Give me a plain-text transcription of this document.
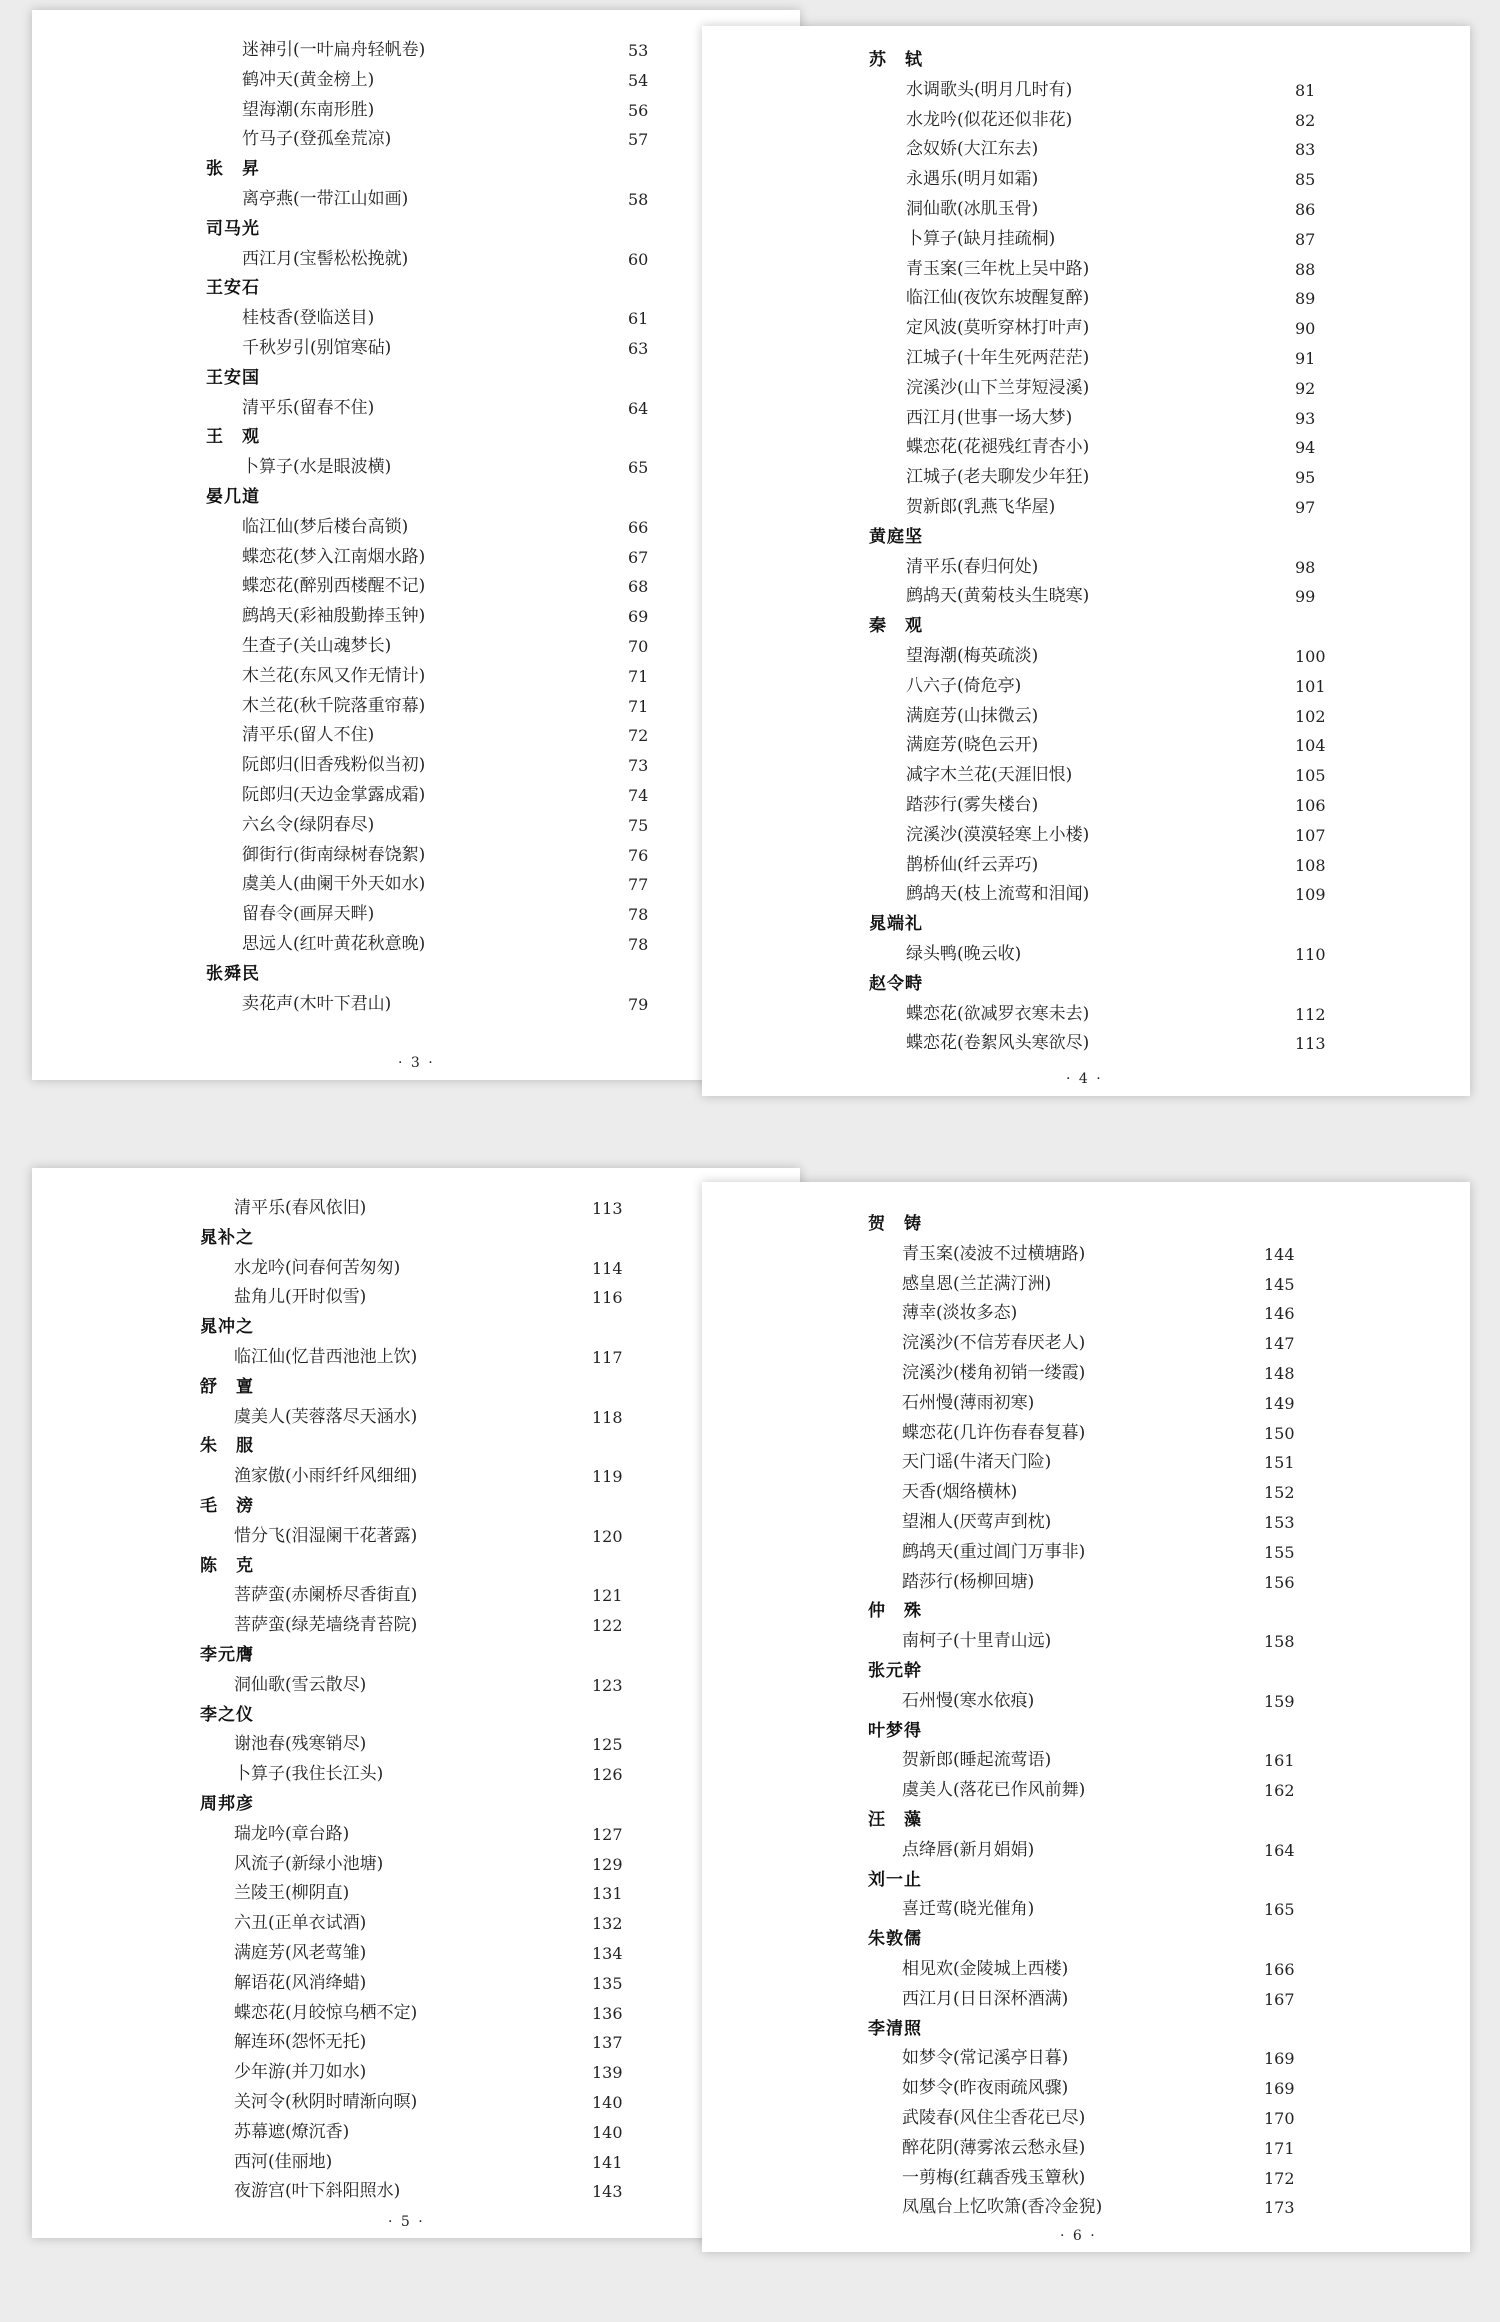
迷神引(一叶扁舟轻帆卷)	53
鹤冲天(黄金榜上)	54
望海潮(东南形胜)	56
竹马子(登孤垒荒凉)	57
张　昇
离亭燕(一带江山如画)	58
司马光
西江月(宝髻松松挽就)	60
王安石
桂枝香(登临送目)	61
千秋岁引(别馆寒砧)	63
王安国
清平乐(留春不住)	64
王　观
卜算子(水是眼波横)	65
晏几道
临江仙(梦后楼台高锁)	66
蝶恋花(梦入江南烟水路)	67
蝶恋花(醉别西楼醒不记)	68
鹧鸪天(彩袖殷勤捧玉钟)	69
生查子(关山魂梦长)	70
木兰花(东风又作无情计)	71
木兰花(秋千院落重帘幕)	71
清平乐(留人不住)	72
阮郎归(旧香残粉似当初)	73
阮郎归(天边金掌露成霜)	74
六幺令(绿阴春尽)	75
御街行(街南绿树春饶絮)	76
虞美人(曲阑干外天如水)	77
留春令(画屏天畔)	78
思远人(红叶黄花秋意晚)	78
张舜民
卖花声(木叶下君山)	79
· 3 ·
苏　轼
水调歌头(明月几时有)	81
水龙吟(似花还似非花)	82
念奴娇(大江东去)	83
永遇乐(明月如霜)	85
洞仙歌(冰肌玉骨)	86
卜算子(缺月挂疏桐)	87
青玉案(三年枕上吴中路)	88
临江仙(夜饮东坡醒复醉)	89
定风波(莫听穿林打叶声)	90
江城子(十年生死两茫茫)	91
浣溪沙(山下兰芽短浸溪)	92
西江月(世事一场大梦)	93
蝶恋花(花褪残红青杏小)	94
江城子(老夫聊发少年狂)	95
贺新郎(乳燕飞华屋)	97
黄庭坚
清平乐(春归何处)	98
鹧鸪天(黄菊枝头生晓寒)	99
秦　观
望海潮(梅英疏淡)	100
八六子(倚危亭)	101
满庭芳(山抹微云)	102
满庭芳(晓色云开)	104
减字木兰花(天涯旧恨)	105
踏莎行(雾失楼台)	106
浣溪沙(漠漠轻寒上小楼)	107
鹊桥仙(纤云弄巧)	108
鹧鸪天(枝上流莺和泪闻)	109
晁端礼
绿头鸭(晚云收)	110
赵令畤
蝶恋花(欲减罗衣寒未去)	112
蝶恋花(卷絮风头寒欲尽)	113
· 4 ·
清平乐(春风依旧)	113
晁补之
水龙吟(问春何苦匆匆)	114
盐角儿(开时似雪)	116
晁冲之
临江仙(忆昔西池池上饮)	117
舒　亶
虞美人(芙蓉落尽天涵水)	118
朱　服
渔家傲(小雨纤纤风细细)	119
毛　滂
惜分飞(泪湿阑干花著露)	120
陈　克
菩萨蛮(赤阑桥尽香街直)	121
菩萨蛮(绿芜墙绕青苔院)	122
李元膺
洞仙歌(雪云散尽)	123
李之仪
谢池春(残寒销尽)	125
卜算子(我住长江头)	126
周邦彦
瑞龙吟(章台路)	127
风流子(新绿小池塘)	129
兰陵王(柳阴直)	131
六丑(正单衣试酒)	132
满庭芳(风老莺雏)	134
解语花(风消绛蜡)	135
蝶恋花(月皎惊乌栖不定)	136
解连环(怨怀无托)	137
少年游(并刀如水)	139
关河令(秋阴时晴渐向暝)	140
苏幕遮(燎沉香)	140
西河(佳丽地)	141
夜游宫(叶下斜阳照水)	143
· 5 ·
贺　铸
青玉案(凌波不过横塘路)	144
感皇恩(兰芷满汀洲)	145
薄幸(淡妆多态)	146
浣溪沙(不信芳春厌老人)	147
浣溪沙(楼角初销一缕霞)	148
石州慢(薄雨初寒)	149
蝶恋花(几许伤春春复暮)	150
天门谣(牛渚天门险)	151
天香(烟络横林)	152
望湘人(厌莺声到枕)	153
鹧鸪天(重过阊门万事非)	155
踏莎行(杨柳回塘)	156
仲　殊
南柯子(十里青山远)	158
张元幹
石州慢(寒水依痕)	159
叶梦得
贺新郎(睡起流莺语)	161
虞美人(落花已作风前舞)	162
汪　藻
点绛唇(新月娟娟)	164
刘一止
喜迁莺(晓光催角)	165
朱敦儒
相见欢(金陵城上西楼)	166
西江月(日日深杯酒满)	167
李清照
如梦令(常记溪亭日暮)	169
如梦令(昨夜雨疏风骤)	169
武陵春(风住尘香花已尽)	170
醉花阴(薄雾浓云愁永昼)	171
一剪梅(红藕香残玉簟秋)	172
凤凰台上忆吹箫(香冷金猊)	173
· 6 ·
